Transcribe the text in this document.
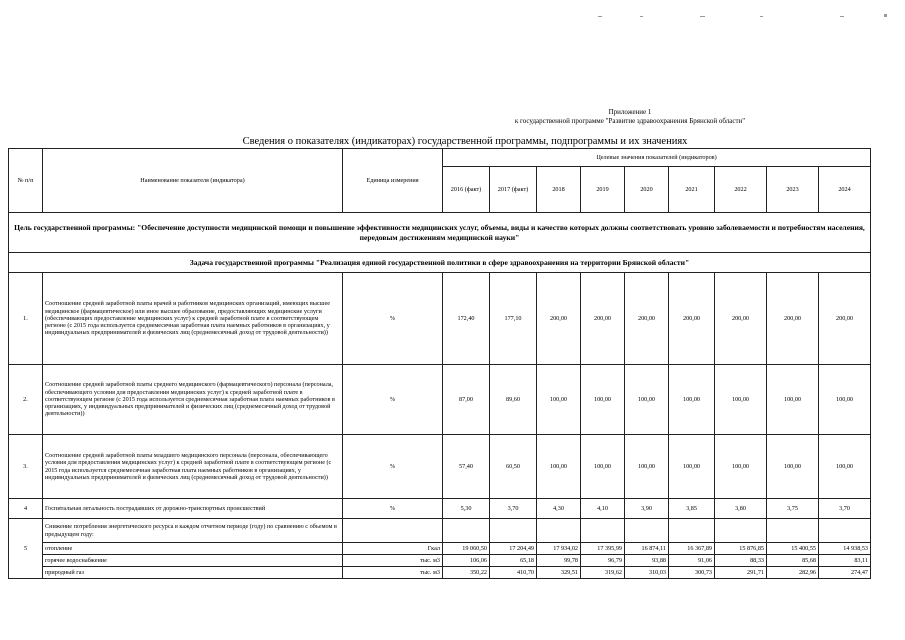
Приложение 1
к государственной программе "Развитие здравоохранения Брянской области"
Сведения о показателях (индикаторах) государственной программы, подпрограммы и их значениях
№ п/п	Наименование показателя (индикатора)	Единица измерения	Целевые значения показателей (индикаторов)								
			2016 (факт)	2017 (факт)	2018	2019	2020	2021	2022	2023	2024
Цель государственной программы: "Обеспечение доступности медицинской помощи и повышение эффективности медицинских услуг, объемы, виды и качество которых должны соответствовать уровню заболеваемости и потребностям населения, передовым достижениям медицинской науки"											
Задача государственной программы "Реализация единой государственной политики в сфере здравоохранения на территории Брянской области"											
1.	Соотношение средней заработной платы врачей и работников медицинских организаций, имеющих высшее медицинское (фармацевтическое) или иное высшее образование, предоставляющих медицинские услуги (обеспечивающих предоставление медицинских услуг) к средней заработной плате в соответствующем регионе (с 2015 года используется среднемесячная заработная плата наемных работников в организациях, у индивидуальных предпринимателей и физических лиц (среднемесячный доход от трудовой деятельности))	%	172,40	177,10	200,00	200,00	200,00	200,00	200,00	200,00	200,00
2.	Соотношение средней заработной платы среднего медицинского (фармацевтического) персонала (персонала, обеспечивающего условия для предоставления медицинских услуг) к средней заработной плате в соответствующем регионе (с 2015 года используется среднемесячная заработная плата наемных работников в организациях, у индивидуальных предпринимателей и физических лиц (среднемесячный доход от трудовой деятельности))	%	87,00	89,60	100,00	100,00	100,00	100,00	100,00	100,00	100,00
3.	Соотношение средней заработной платы младшего медицинского персонала (персонала, обеспечивающего условия для предоставления медицинских услуг) к средней заработной плате в соответствующем регионе (с 2015 года используется среднемесячная заработная плата наемных работников в организациях, у индивидуальных предпринимателей и физических лиц (среднемесячный доход от трудовой деятельности))	%	57,40	60,50	100,00	100,00	100,00	100,00	100,00	100,00	100,00
4	Госпитальная летальность пострадавших от дорожно-транспортных происшествий	%	5,30	3,70	4,30	4,10	3,90	3,85	3,80	3,75	3,70
5	Снижение потребления энергетического ресурса в каждом отчетном периоде (году) по сравнению с объемом в предыдущем году:										
	отопление	Гкал	19 060,50	17 204,49	17 934,02	17 395,99	16 874,11	16 367,89	15 876,85	15 400,55	14 938,53
	горячее водоснабжение	тыс. м3	106,06	65,18	99,78	96,79	93,88	91,06	88,33	85,68	83,11
	природный газ	тыс. м3	350,22	410,70	329,51	319,62	310,03	300,73	291,71	282,96	274,47
